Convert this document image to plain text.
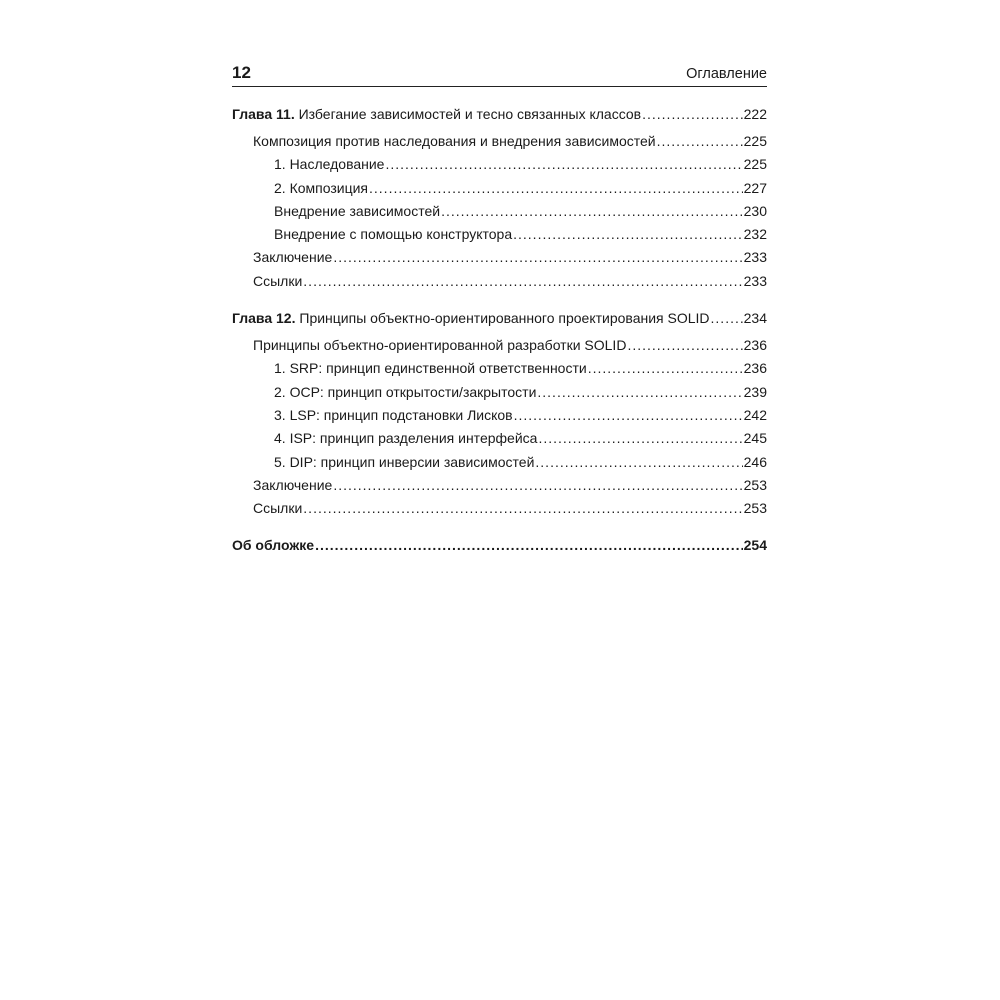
12	Оглавление
Глава 11. Избегание зависимостей и тесно связанных классов .....	222
Композиция против наследования и внедрения зависимостей .....	225
1. Наследование .....	225
2. Композиция .....	227
Внедрение зависимостей .....	230
Внедрение с помощью конструктора .....	232
Заключение .....	233
Ссылки .....	233
Глава 12. Принципы объектно-ориентированного проектирования SOLID ..... 234
Принципы объектно-ориентированной разработки SOLID .....	236
1. SRP: принцип единственной ответственности .....	236
2. OCP: принцип открытости/закрытости .....	239
3. LSP: принцип подстановки Лисков .....	242
4. ISP: принцип разделения интерфейса .....	245
5. DIP: принцип инверсии зависимостей .....	246
Заключение .....	253
Ссылки .....	253
Об обложке .....	254
